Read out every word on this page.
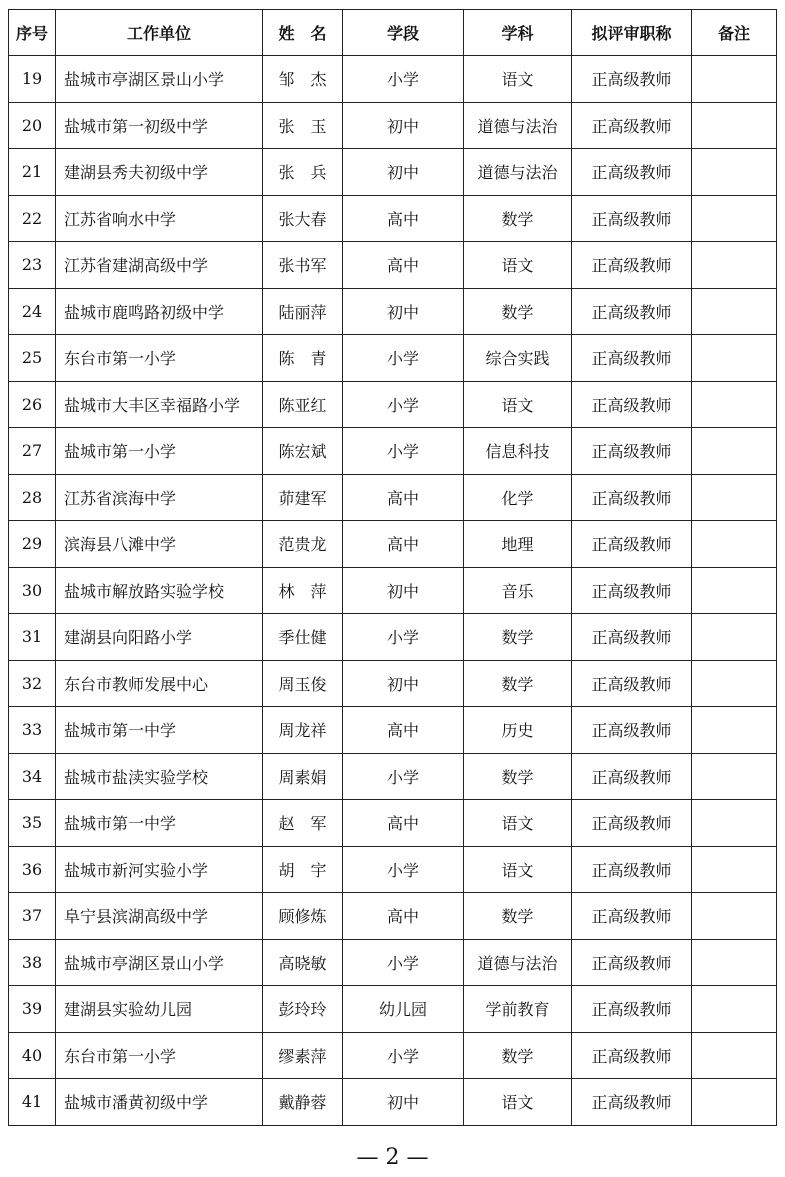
序号	工作单位	姓　名	学段	学科	拟评审职称	备注
19	盐城市亭湖区景山小学	邹　杰	小学	语文	正高级教师	
20	盐城市第一初级中学	张　玉	初中	道德与法治	正高级教师	
21	建湖县秀夫初级中学	张　兵	初中	道德与法治	正高级教师	
22	江苏省响水中学	张大春	高中	数学	正高级教师	
23	江苏省建湖高级中学	张书军	高中	语文	正高级教师	
24	盐城市鹿鸣路初级中学	陆丽萍	初中	数学	正高级教师	
25	东台市第一小学	陈　青	小学	综合实践	正高级教师	
26	盐城市大丰区幸福路小学	陈亚红	小学	语文	正高级教师	
27	盐城市第一小学	陈宏斌	小学	信息科技	正高级教师	
28	江苏省滨海中学	茆建军	高中	化学	正高级教师	
29	滨海县八滩中学	范贵龙	高中	地理	正高级教师	
30	盐城市解放路实验学校	林　萍	初中	音乐	正高级教师	
31	建湖县向阳路小学	季仕健	小学	数学	正高级教师	
32	东台市教师发展中心	周玉俊	初中	数学	正高级教师	
33	盐城市第一中学	周龙祥	高中	历史	正高级教师	
34	盐城市盐渎实验学校	周素娟	小学	数学	正高级教师	
35	盐城市第一中学	赵　军	高中	语文	正高级教师	
36	盐城市新河实验小学	胡　宇	小学	语文	正高级教师	
37	阜宁县滨湖高级中学	顾修炼	高中	数学	正高级教师	
38	盐城市亭湖区景山小学	高晓敏	小学	道德与法治	正高级教师	
39	建湖县实验幼儿园	彭玲玲	幼儿园	学前教育	正高级教师	
40	东台市第一小学	缪素萍	小学	数学	正高级教师	
41	盐城市潘黄初级中学	戴静蓉	初中	语文	正高级教师	
— 2 —
